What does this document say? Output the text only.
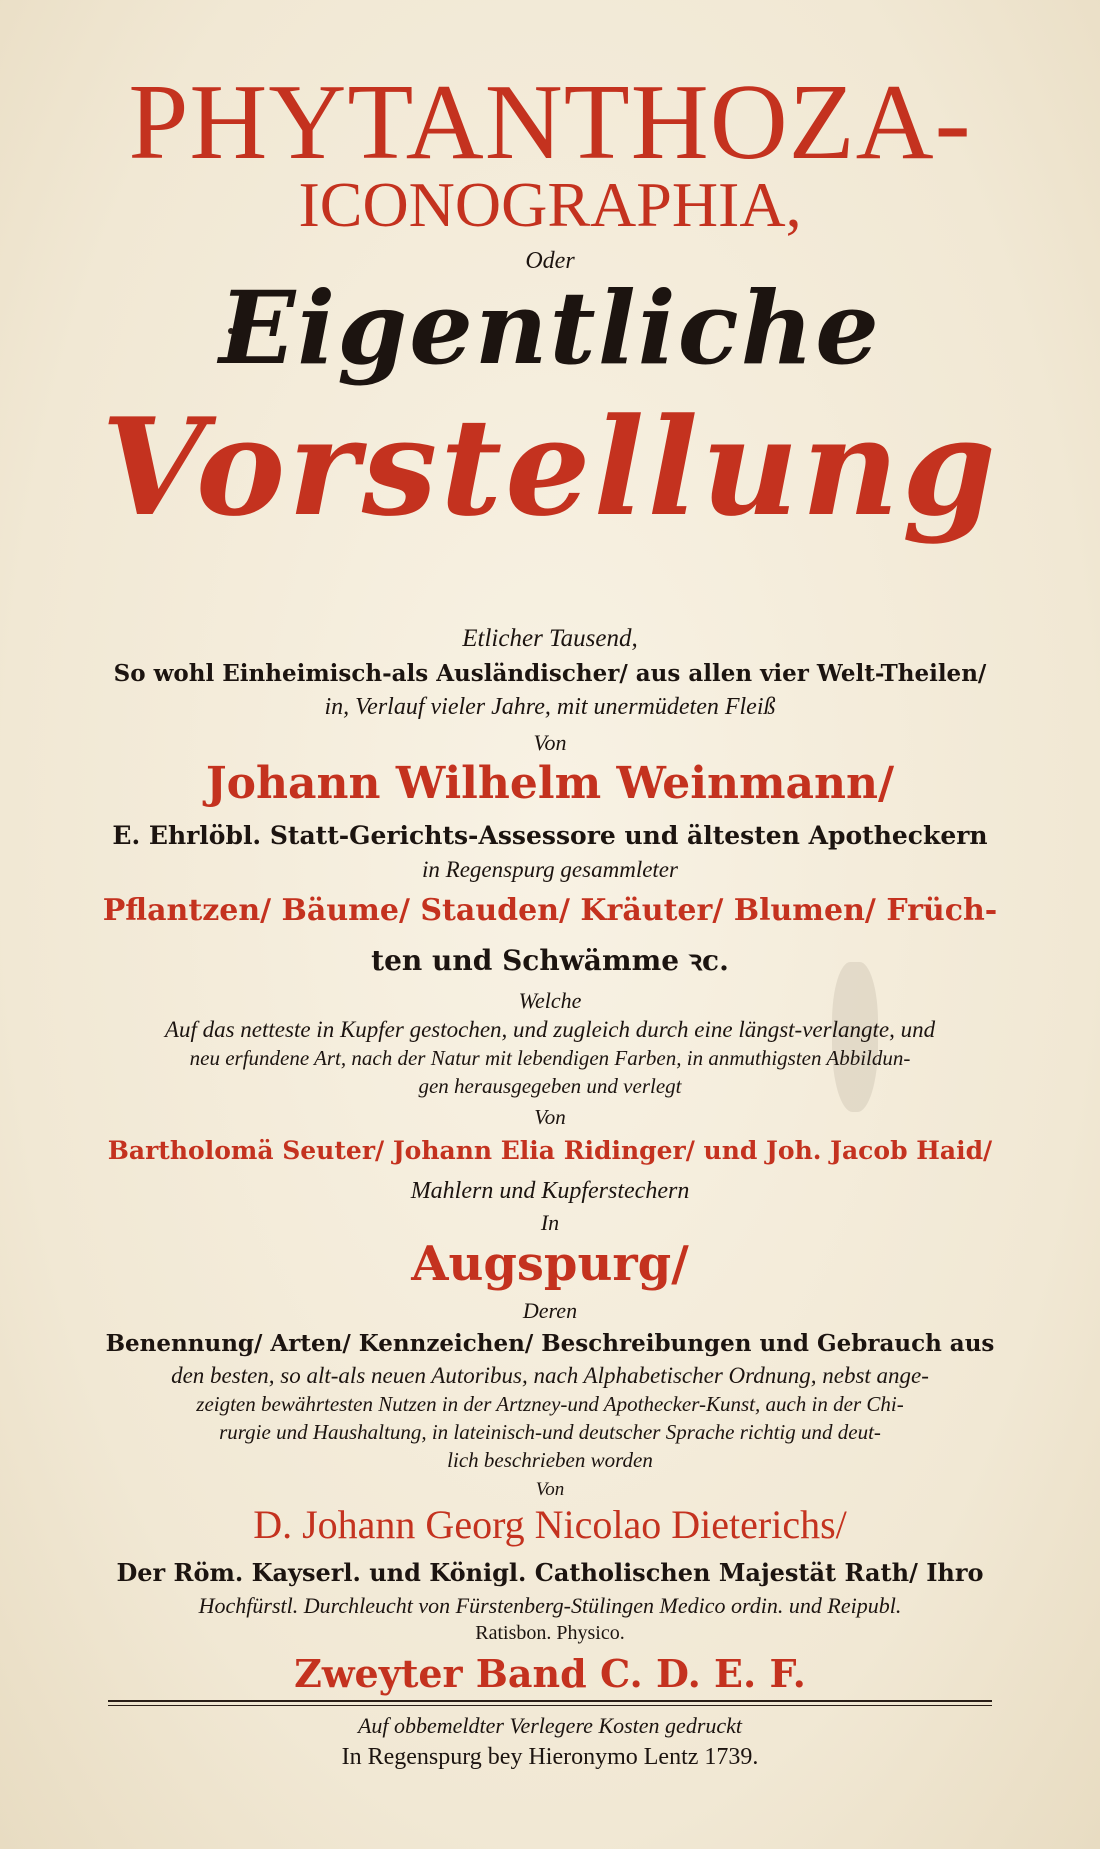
PHYTANTHOZA-
ICONOGRAPHIA,
Oder
Eigentliche
Vorstellung
Etlicher Tausend,
So wohl Einheimisch-als Ausländischer/ aus allen vier Welt-Theilen/
in, Verlauf vieler Jahre, mit unermüdeten Fleiß
Von
Johann Wilhelm Weinmann/
E. Ehrlöbl. Statt-Gerichts-Assessore und ältesten Apotheckern
in Regenspurg gesammleter
Pflantzen/ Bäume/ Stauden/ Kräuter/ Blumen/ Früch-
ten und Schwämme ꝛc.
Welche
Auf das netteste in Kupfer gestochen, und zugleich durch eine längst-verlangte, und
neu erfundene Art, nach der Natur mit lebendigen Farben, in anmuthigsten Abbildun-
gen herausgegeben und verlegt
Von
Bartholomä Seuter/ Johann Elia Ridinger/ und Joh. Jacob Haid/
Mahlern und Kupferstechern
In
Augspurg/
Deren
Benennung/ Arten/ Kennzeichen/ Beschreibungen und Gebrauch aus
den besten, so alt-als neuen Autoribus, nach Alphabetischer Ordnung, nebst ange-
zeigten bewährtesten Nutzen in der Artzney-und Apothecker-Kunst, auch in der Chi-
rurgie und Haushaltung, in lateinisch-und deutscher Sprache richtig und deut-
lich beschrieben worden
Von
D. Johann Georg Nicolao Dieterichs/
Der Röm. Kayserl. und Königl. Catholischen Majestät Rath/ Ihro
Hochfürstl. Durchleucht von Fürstenberg-Stülingen Medico ordin. und Reipubl.
Ratisbon. Physico.
Zweyter Band C. D. E. F.
Auf obbemeldter Verlegere Kosten gedruckt
In Regenspurg bey Hieronymo Lentz 1739.
